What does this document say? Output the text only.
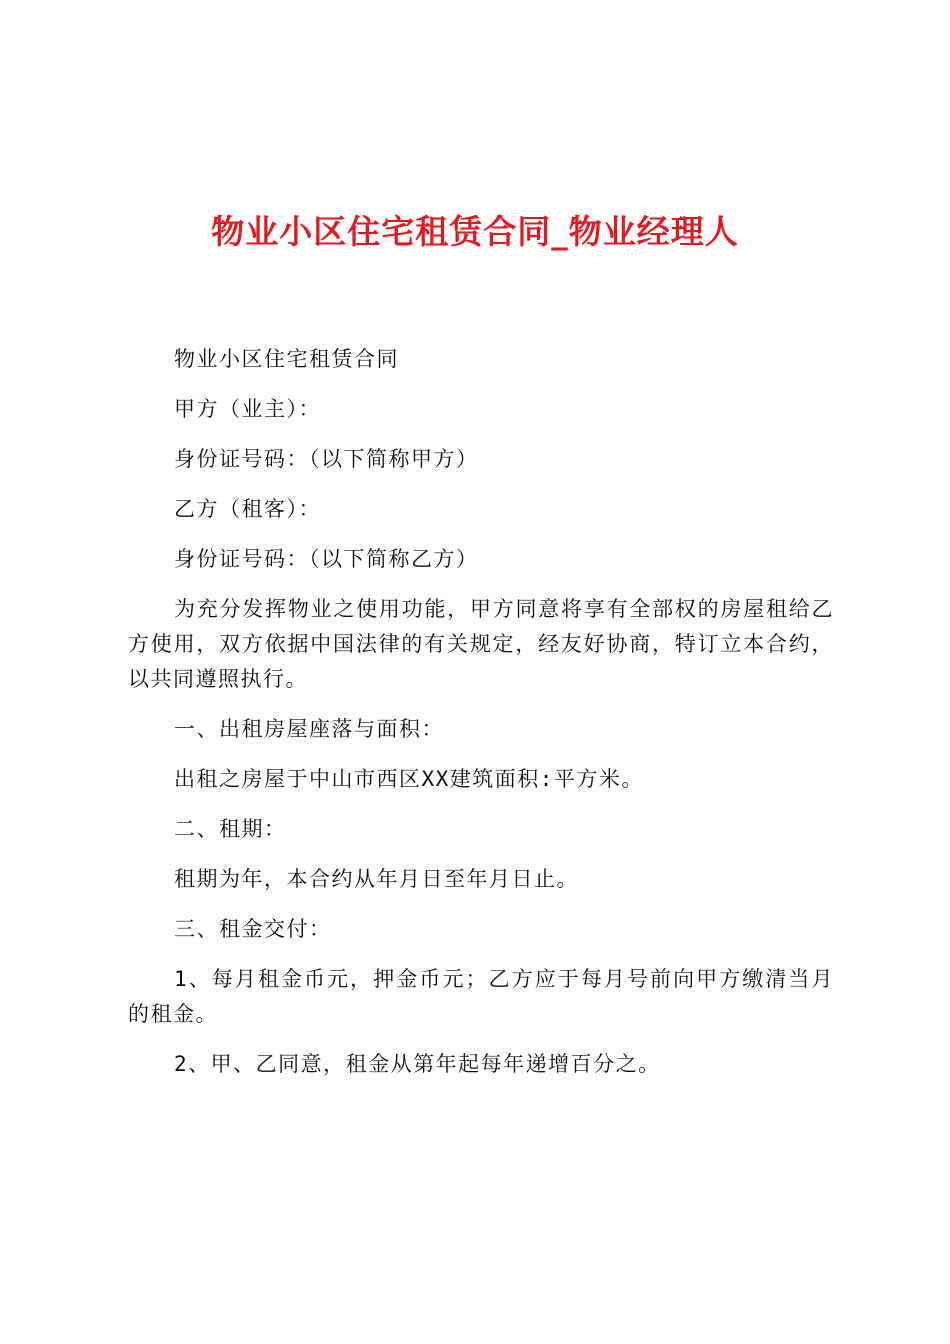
物业小区住宅租赁合同_物业经理人

物业小区住宅租赁合同

甲方（业主）：

身份证号码：（以下简称甲方）

乙方（租客）：

身份证号码：（以下简称乙方）

为充分发挥物业之使用功能，甲方同意将享有全部权的房屋租给乙方使用，双方依据中国法律的有关规定，经友好协商，特订立本合约，以共同遵照执行。

一、出租房屋座落与面积：

出租之房屋于中山市西区XX建筑面积:平方米。

二、租期：

租期为年，本合约从年月日至年月日止。

三、租金交付：

1、每月租金币元，押金币元；乙方应于每月号前向甲方缴清当月的租金。

2、甲、乙同意，租金从第年起每年递增百分之。
